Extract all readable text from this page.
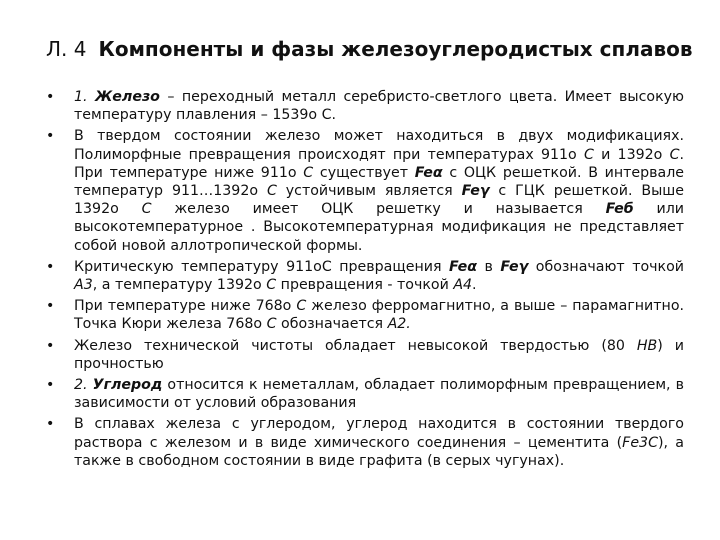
Л. 4 Компоненты и фазы железоуглеродистых сплавов
• 1. Железо – переходный металл серебристо-светлого цвета. Имеет высокую температуру плавления – 1539о С.
• В твердом состоянии железо может находиться в двух модификациях. Полиморфные превращения происходят при температурах 911о С и 1392о С. При температуре ниже 911о С существует Feα с ОЦК решеткой. В интервале температур 911…1392о С устойчивым является Feγ с ГЦК решеткой. Выше 1392о С железо имеет ОЦК решетку и называется Feб или высокотемпературное . Высокотемпературная модификация не представляет собой новой аллотропической формы.
• Критическую температуру 911оС превращения Feα в Feγ обозначают точкой А3, а температуру 1392о С превращения - точкой А4.
• При температуре ниже 768о С железо ферромагнитно, а выше – парамагнитно. Точка Кюри железа 768о С обозначается А2.
• Железо технической чистоты обладает невысокой твердостью (80 НВ) и прочностью
• 2. Углерод относится к неметаллам, обладает полиморфным превращением, в зависимости от условий образования
• В сплавах железа с углеродом, углерод находится в состоянии твердого раствора с железом и в виде химического соединения – цементита (Fe3C), а также в свободном состоянии в виде графита (в серых чугунах).
